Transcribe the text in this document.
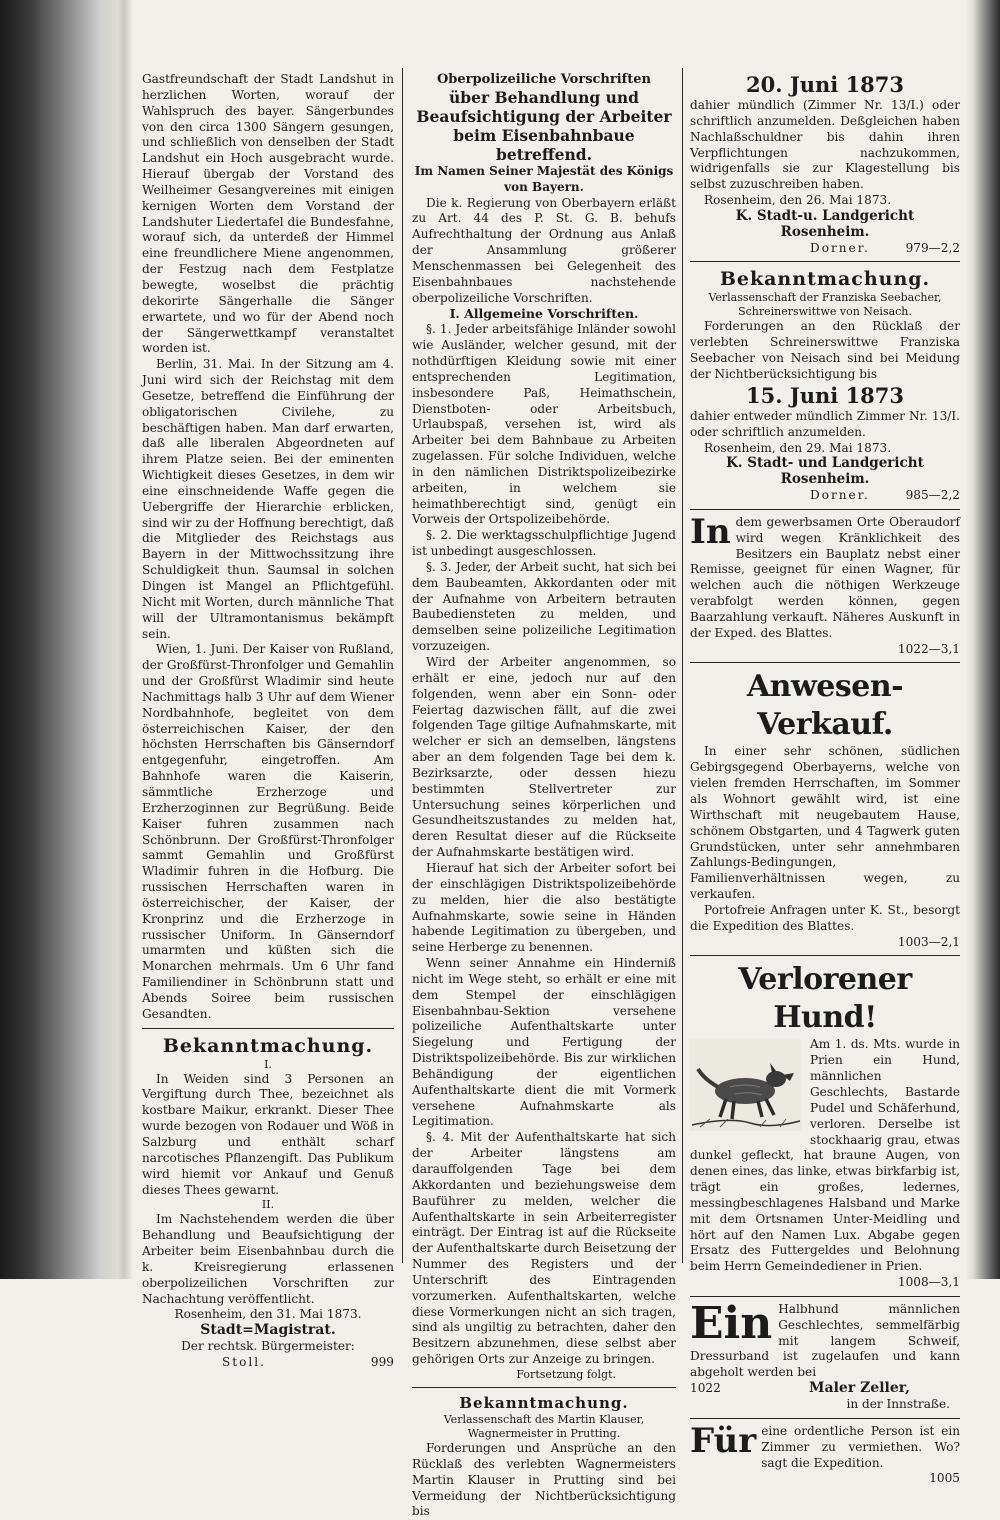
Gastfreundschaft der Stadt Landshut in herzlichen Worten, worauf der Wahlspruch des bayer. Sängerbundes von den circa 1300 Sängern gesungen, und schließlich von denselben der Stadt Landshut ein Hoch ausgebracht wurde. Hierauf übergab der Vorstand des Weilheimer Gesangvereines mit einigen kernigen Worten dem Vorstand der Landshuter Liedertafel die Bundesfahne, worauf sich, da unterdeß der Himmel eine freundlichere Miene angenommen, der Festzug nach dem Festplatze bewegte, woselbst die prächtig dekorirte Sängerhalle die Sänger erwartete, und wo für der Abend noch der Sängerwettkampf veranstaltet worden ist.

Berlin, 31. Mai. In der Sitzung am 4. Juni wird sich der Reichstag mit dem Gesetze, betreffend die Einführung der obligatorischen Civilehe, zu beschäftigen haben. Man darf erwarten, daß alle liberalen Abgeordneten auf ihrem Platze seien. Bei der eminenten Wichtigkeit dieses Gesetzes, in dem wir eine einschneidende Waffe gegen die Uebergriffe der Hierarchie erblicken, sind wir zu der Hoffnung berechtigt, daß die Mitglieder des Reichstags aus Bayern in der Mittwochssitzung ihre Schuldigkeit thun. Saumsal in solchen Dingen ist Mangel an Pflichtgefühl. Nicht mit Worten, durch männliche That will der Ultramontanismus bekämpft sein.

Wien, 1. Juni. Der Kaiser von Rußland, der Großfürst-Thronfolger und Gemahlin und der Großfürst Wladimir sind heute Nachmittags halb 3 Uhr auf dem Wiener Nordbahnhofe, begleitet von dem österreichischen Kaiser, der den höchsten Herrschaften bis Gänserndorf entgegenfuhr, eingetroffen. Am Bahnhofe waren die Kaiserin, sämmtliche Erzherzoge und Erzherzoginnen zur Begrüßung. Beide Kaiser fuhren zusammen nach Schönbrunn. Der Großfürst-Thronfolger sammt Gemahlin und Großfürst Wladimir fuhren in die Hofburg. Die russischen Herrschaften waren in österreichischer, der Kaiser, der Kronprinz und die Erzherzoge in russischer Uniform. In Gänserndorf umarmten und küßten sich die Monarchen mehrmals. Um 6 Uhr fand Familiendiner in Schönbrunn statt und Abends Soiree beim russischen Gesandten.

Bekanntmachung.
I.

In Weiden sind 3 Personen an Vergiftung durch Thee, bezeichnet als kostbare Maikur, erkrankt. Dieser Thee wurde bezogen von Rodauer und Wöß in Salzburg und enthält scharf narcotisches Pflanzengift. Das Publikum wird hiemit vor Ankauf und Genuß dieses Thees gewarnt.

II.

Im Nachstehendem werden die über Behandlung und Beaufsichtigung der Arbeiter beim Eisenbahnbau durch die k. Kreisregierung erlassenen oberpolizeilichen Vorschriften zur Nachachtung veröffentlicht.

Rosenheim, den 31. Mai 1873.
Stadt=Magistrat.
Der rechtsk. Bürgermeister:
Stoll.	999
Oberpolizeiliche Vorschriften
über Behandlung und Beaufsichtigung der Arbeiter beim Eisenbahnbaue betreffend.
Im Namen Seiner Majestät des Königs von Bayern.

Die k. Regierung von Oberbayern erläßt zu Art. 44 des P. St. G. B. behufs Aufrechthaltung der Ordnung aus Anlaß der Ansammlung größerer Menschenmassen bei Gelegenheit des Eisenbahnbaues nachstehende oberpolizeiliche Vorschriften.

I. Allgemeine Vorschriften.

§. 1. Jeder arbeitsfähige Inländer sowohl wie Ausländer, welcher gesund, mit der nothdürftigen Kleidung sowie mit einer entsprechenden Legitimation, insbesondere Paß, Heimathschein, Dienstboten- oder Arbeitsbuch, Urlaubspaß, versehen ist, wird als Arbeiter bei dem Bahnbaue zu Arbeiten zugelassen. Für solche Individuen, welche in den nämlichen Distriktspolizeibezirke arbeiten, in welchem sie heimathberechtigt sind, genügt ein Vorweis der Ortspolizeibehörde.

§. 2. Die werktagsschulpflichtige Jugend ist unbedingt ausgeschlossen.

§. 3. Jeder, der Arbeit sucht, hat sich bei dem Baubeamten, Akkordanten oder mit der Aufnahme von Arbeitern betrauten Baubediensteten zu melden, und demselben seine polizeiliche Legitimation vorzuzeigen.

Wird der Arbeiter angenommen, so erhält er eine, jedoch nur auf den folgenden, wenn aber ein Sonn- oder Feiertag dazwischen fällt, auf die zwei folgenden Tage giltige Aufnahmskarte, mit welcher er sich an demselben, längstens aber an dem folgenden Tage bei dem k. Bezirksarzte, oder dessen hiezu bestimmten Stellvertreter zur Untersuchung seines körperlichen und Gesundheitszustandes zu melden hat, deren Resultat dieser auf die Rückseite der Aufnahmskarte bestätigen wird.

Hierauf hat sich der Arbeiter sofort bei der einschlägigen Distriktspolizeibehörde zu melden, hier die also bestätigte Aufnahmskarte, sowie seine in Händen habende Legitimation zu übergeben, und seine Herberge zu benennen.

Wenn seiner Annahme ein Hinderniß nicht im Wege steht, so erhält er eine mit dem Stempel der einschlägigen Eisenbahnbau-Sektion versehene polizeiliche Aufenthaltskarte unter Siegelung und Fertigung der Distriktspolizeibehörde. Bis zur wirklichen Behändigung der eigentlichen Aufenthaltskarte dient die mit Vormerk versehene Aufnahmskarte als Legitimation.

§. 4. Mit der Aufenthaltskarte hat sich der Arbeiter längstens am darauffolgenden Tage bei dem Akkordanten und beziehungsweise dem Bauführer zu melden, welcher die Aufenthaltskarte in sein Arbeiterregister einträgt. Der Eintrag ist auf die Rückseite der Aufenthaltskarte durch Beisetzung der Nummer des Registers und der Unterschrift des Eintragenden vorzumerken. Aufenthaltskarten, welche diese Vormerkungen nicht an sich tragen, sind als ungiltig zu betrachten, daher den Besitzern abzunehmen, diese selbst aber gehörigen Orts zur Anzeige zu bringen.

Fortsetzung folgt.
Bekanntmachung.
Verlassenschaft des Martin Klauser, Wagnermeister in Prutting.

Forderungen und Ansprüche an den Rücklaß des verlebten Wagnermeisters Martin Klauser in Prutting sind bei Vermeidung der Nichtberücksichtigung bis

20. Juni 1873

dahier mündlich (Zimmer Nr. 13/I.) oder schriftlich anzumelden. Deßgleichen haben Nachlaßschuldner bis dahin ihren Verpflichtungen nachzukommen, widrigenfalls sie zur Klagestellung bis selbst zuzuschreiben haben.

Rosenheim, den 26. Mai 1873.

K. Stadt-u. Landgericht Rosenheim.
Dorner.	979—2,2
Bekanntmachung.
Verlassenschaft der Franziska Seebacher, Schreinerswittwe von Neisach.

Forderungen an den Rücklaß der verlebten Schreinerswittwe Franziska Seebacher von Neisach sind bei Meidung der Nichtberücksichtigung bis

15. Juni 1873

dahier entweder mündlich Zimmer Nr. 13/I. oder schriftlich anzumelden.

Rosenheim, den 29. Mai 1873.

K. Stadt- und Landgericht Rosenheim.
Dorner.	985—2,2
In dem gewerbsamen Orte Oberaudorf wird wegen Kränklichkeit des Besitzers ein Bauplatz nebst einer Remisse, geeignet für einen Wagner, für welchen auch die nöthigen Werkzeuge verabfolgt werden können, gegen Baarzahlung verkauft. Näheres Auskunft in der Exped. des Blattes.

1022—3,1
Anwesen-Verkauf.

In einer sehr schönen, südlichen Gebirgsgegend Oberbayerns, welche von vielen fremden Herrschaften, im Sommer als Wohnort gewählt wird, ist eine Wirthschaft mit neugebautem Hause, schönem Obstgarten, und 4 Tagwerk guten Grundstücken, unter sehr annehmbaren Zahlungs-Bedingungen, Familienverhältnissen wegen, zu verkaufen.

Portofreie Anfragen unter K. St., besorgt die Expedition des Blattes.

1003—2,1
Verlorener Hund!

Am 1. ds. Mts. wurde in Prien ein Hund, männlichen Geschlechts, Bastarde Pudel und Schäferhund, verloren. Derselbe ist stockhaarig grau, etwas dunkel gefleckt, hat braune Augen, von denen eines, das linke, etwas birkfarbig ist, trägt ein großes, ledernes, messingbeschlagenes Halsband und Marke mit dem Ortsnamen Unter-Meidling und hört auf den Namen Lux. Abgabe gegen Ersatz des Futtergeldes und Belohnung beim Herrn Gemeindediener in Prien.

1008—3,1
Ein Halbhund männlichen Geschlechtes, semmelfärbig mit langem Schweif, Dressurband ist zugelaufen und kann abgeholt werden bei

1022	Maler Zeller,
in der Innstraße.
Für eine ordentliche Person ist ein Zimmer zu vermiethen. Wo? sagt die Expedition.

1005
